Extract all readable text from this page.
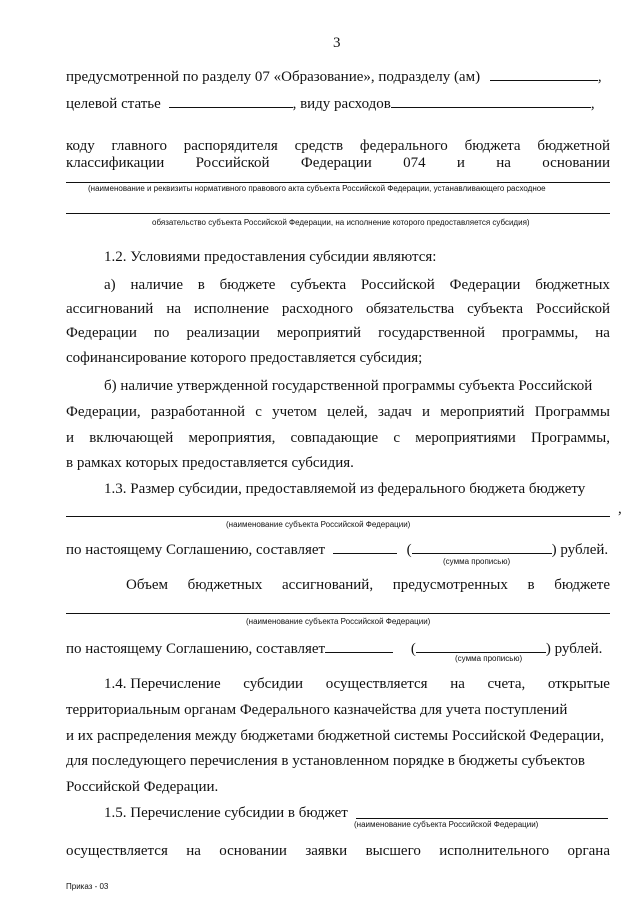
3
предусмотренной по разделу 07 «Образование», подразделу (ам)	,
целевой статье	, виду расходов	,
коду главного распорядителя средств федерального бюджета бюджетной
классификации Российской Федерации 074 и на основании
(наименование и реквизиты нормативного правового акта субъекта Российской Федерации, устанавливающего расходное
обязательство субъекта Российской Федерации, на исполнение которого предоставляется субсидия)
1.2. Условиями предоставления субсидии являются:
а) наличие в бюджете субъекта Российской Федерации бюджетных
ассигнований на исполнение расходного обязательства субъекта Российской
Федерации по реализации мероприятий государственной программы, на
софинансирование которого предоставляется субсидия;
б) наличие утвержденной государственной программы субъекта Российской
Федерации, разработанной с учетом целей, задач и мероприятий Программы
и включающей мероприятия, совпадающие с мероприятиями Программы,
в рамках которых предоставляется субсидия.
1.3. Размер субсидии, предоставляемой из федерального бюджета бюджету
,
(наименование субъекта Российской Федерации)
по настоящему Соглашению, составляет	(	) рублей.
(сумма прописью)
Объем бюджетных ассигнований, предусмотренных в бюджете
(наименование субъекта Российской Федерации)
по настоящему Соглашению, составляет	(	) рублей.
(сумма прописью)
1.4. Перечисление субсидии осуществляется на счета, открытые
территориальным органам Федерального казначейства для учета поступлений
и их распределения между бюджетами бюджетной системы Российской Федерации,
для последующего перечисления в установленном порядке в бюджеты субъектов
Российской Федерации.
1.5. Перечисление субсидии в бюджет
(наименование субъекта Российской Федерации)
осуществляется на основании заявки высшего исполнительного органа
Приказ - 03
